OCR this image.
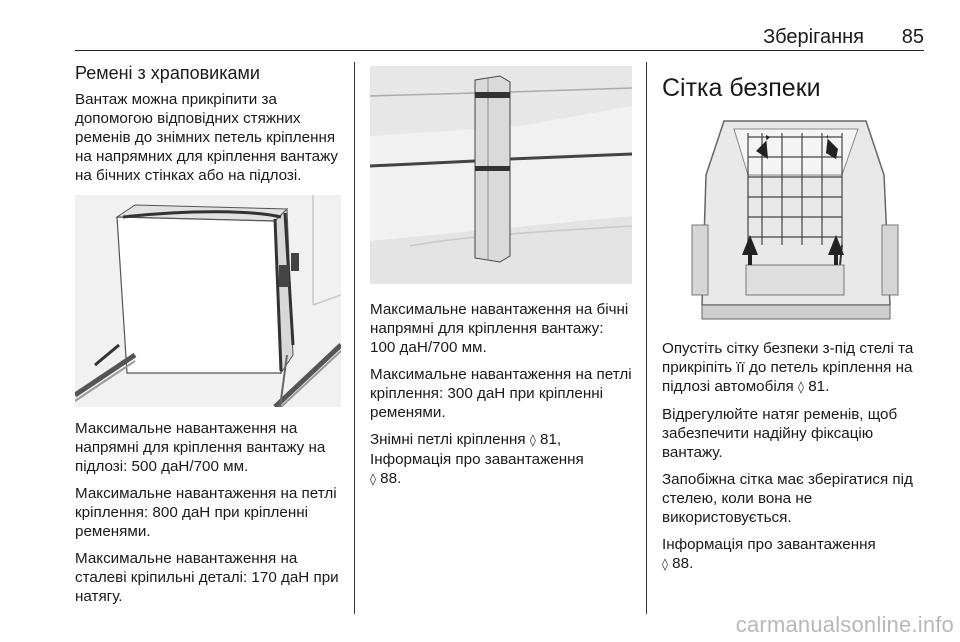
Зберігання 85
Ремені з храповиками

Вантаж можна прикріпити за допомогою відповідних стяжних ременів до знімних петель кріплення на напрямних для кріплення вантажу на бічних стінках або на підлозі.

Максимальне навантаження на напрямні для кріплення вантажу на підлозі: 500 даН/700 мм.

Максимальне навантаження на петлі кріплення: 800 даН при кріпленні ременями.

Максимальне навантаження на сталеві кріпильні деталі: 170 даН при натягу.

Максимальне навантаження на бічні напрямні для кріплення вантажу: 100 даН/700 мм.

Максимальне навантаження на петлі кріплення: 300 даН при кріпленні ременями.

Знімні петлі кріплення ◊ 81, Інформація про завантаження
◊ 88.

Сітка безпеки

Опустіть сітку безпеки з-під стелі та прикріпіть її до петель кріплення на підлозі автомобіля ◊ 81.

Відрегулюйте натяг ременів, щоб забезпечити надійну фіксацію вантажу.

Запобіжна сітка має зберігатися під стелею, коли вона не використовується.

Інформація про завантаження
◊ 88.

carmanualsonline.info
